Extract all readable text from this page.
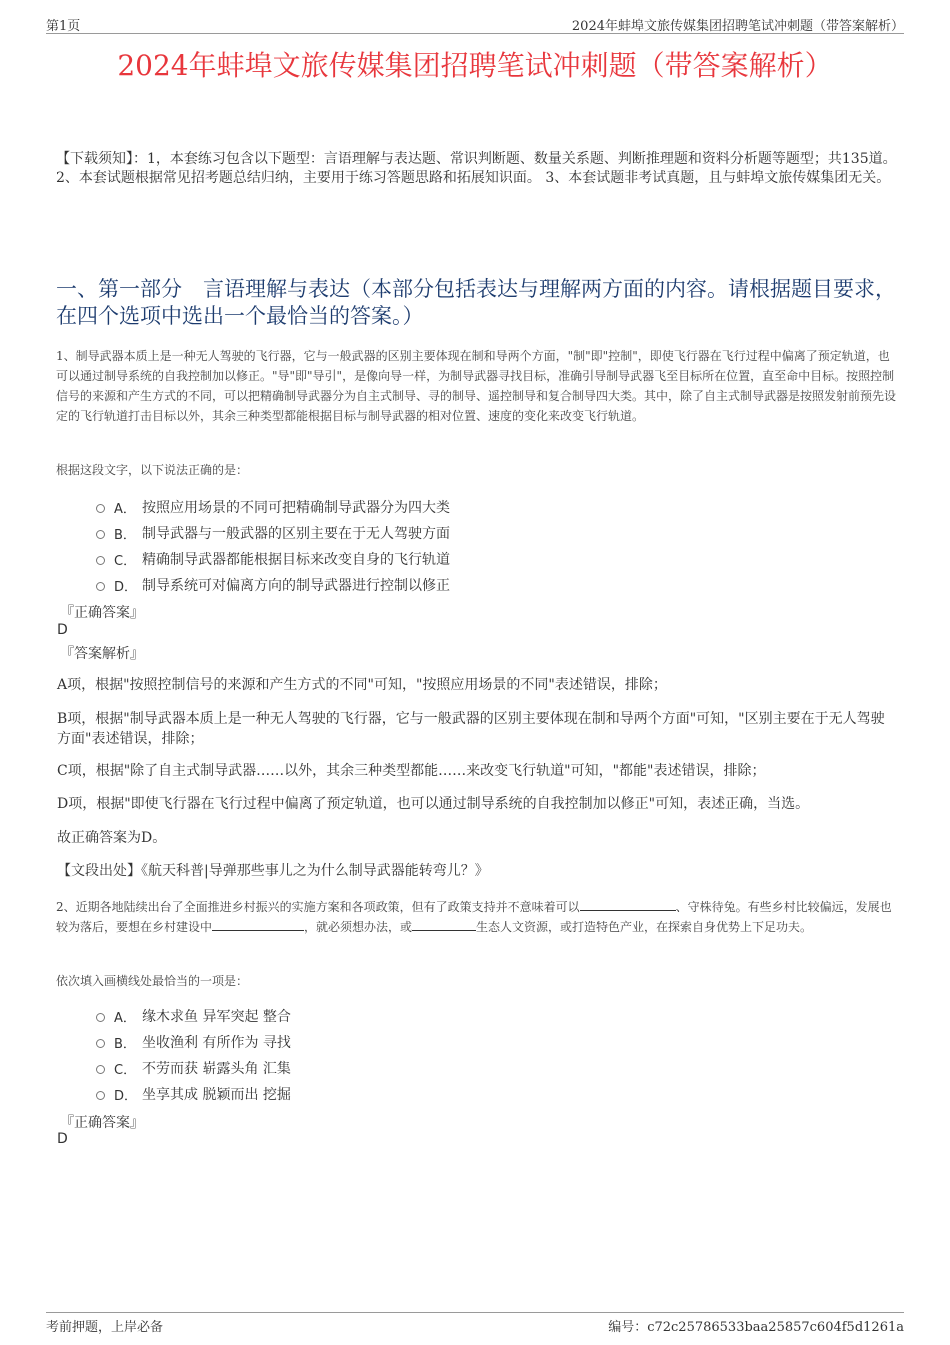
第1页	2024年蚌埠文旅传媒集团招聘笔试冲刺题（带答案解析）
2024年蚌埠文旅传媒集团招聘笔试冲刺题（带答案解析）
【下载须知】：1，本套练习包含以下题型：言语理解与表达题、常识判断题、数量关系题、判断推理题和资料分析题等题型；共135道。 2、本套试题根据常见招考题总结归纳，主要用于练习答题思路和拓展知识面。 3、本套试题非考试真题，且与蚌埠文旅传媒集团无关。
一、第一部分　言语理解与表达（本部分包括表达与理解两方面的内容。请根据题目要求，在四个选项中选出一个最恰当的答案。）
1、制导武器本质上是一种无人驾驶的飞行器，它与一般武器的区别主要体现在制和导两个方面，"制"即"控制"，即使飞行器在飞行过程中偏离了预定轨道，也可以通过制导系统的自我控制加以修正。"导"即"导引"，是像向导一样，为制导武器寻找目标，准确引导制导武器飞至目标所在位置，直至命中目标。按照控制信号的来源和产生方式的不同，可以把精确制导武器分为自主式制导、寻的制导、遥控制导和复合制导四大类。其中，除了自主式制导武器是按照发射前预先设定的飞行轨道打击目标以外，其余三种类型都能根据目标与制导武器的相对位置、速度的变化来改变飞行轨道。
根据这段文字，以下说法正确的是：
A． 按照应用场景的不同可把精确制导武器分为四大类
B． 制导武器与一般武器的区别主要在于无人驾驶方面
C． 精确制导武器都能根据目标来改变自身的飞行轨道
D． 制导系统可对偏离方向的制导武器进行控制以修正
『正确答案』
D
『答案解析』
A项，根据"按照控制信号的来源和产生方式的不同"可知，"按照应用场景的不同"表述错误，排除；
B项，根据"制导武器本质上是一种无人驾驶的飞行器，它与一般武器的区别主要体现在制和导两个方面"可知，"区别主要在于无人驾驶方面"表述错误，排除；
C项，根据"除了自主式制导武器……以外，其余三种类型都能……来改变飞行轨道"可知，"都能"表述错误，排除；
D项，根据"即使飞行器在飞行过程中偏离了预定轨道，也可以通过制导系统的自我控制加以修正"可知，表述正确，当选。
故正确答案为D。
【文段出处】《航天科普|导弹那些事儿之为什么制导武器能转弯儿？》
2、近期各地陆续出台了全面推进乡村振兴的实施方案和各项政策，但有了政策支持并不意味着可以	、守株待兔。有些乡村比较偏远，发展也较为落后，要想在乡村建设中	，就必须想办法，或	生态人文资源，或打造特色产业，在探索自身优势上下足功夫。
依次填入画横线处最恰当的一项是：
A． 缘木求鱼 异军突起 整合
B． 坐收渔利 有所作为 寻找
C． 不劳而获 崭露头角 汇集
D． 坐享其成 脱颖而出 挖掘
『正确答案』
D
考前押题，上岸必备	编号：c72c25786533baa25857c604f5d1261a
